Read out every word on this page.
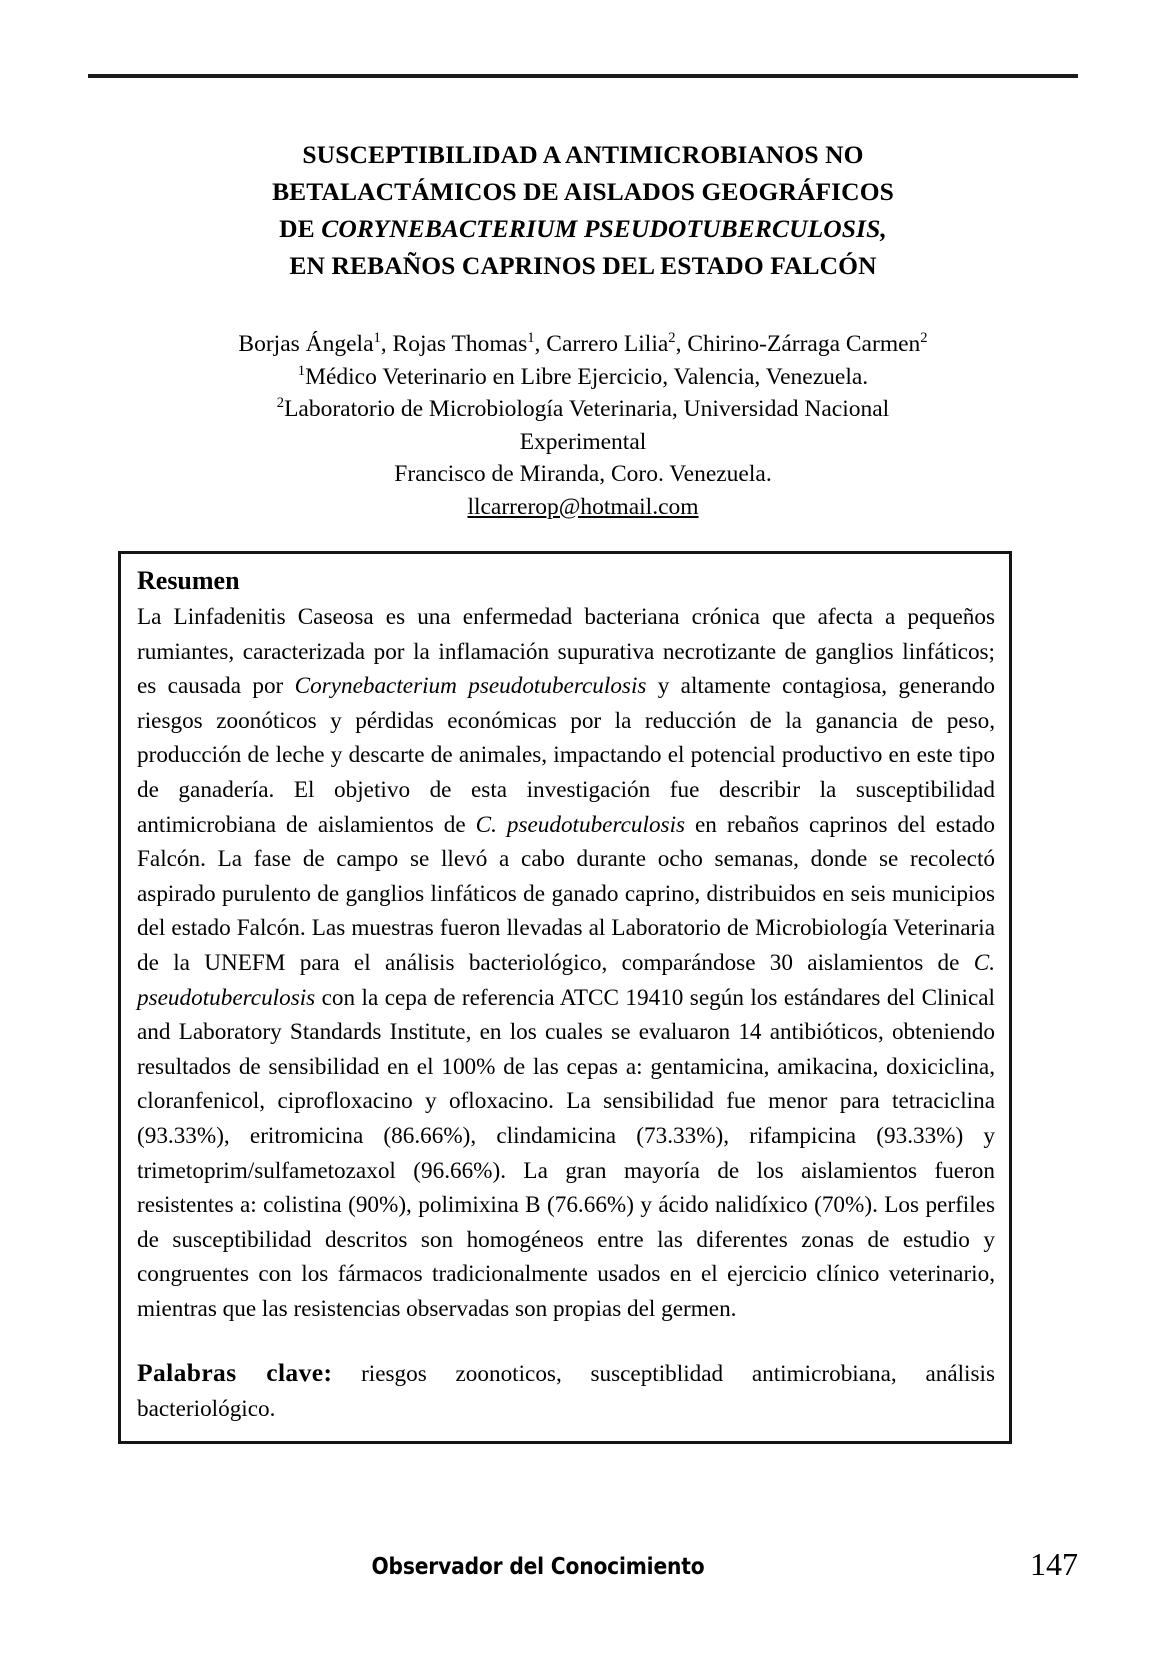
SUSCEPTIBILIDAD A ANTIMICROBIANOS NO
BETALACTÁMICOS DE AISLADOS GEOGRÁFICOS
DE CORYNEBACTERIUM PSEUDOTUBERCULOSIS,
EN REBAÑOS CAPRINOS DEL ESTADO FALCÓN
Borjas Ángela$^1$, Rojas Thomas$^1$, Carrero Lilia$^2$, Chirino-Zárraga Carmen$^2$
$^1$Médico Veterinario en Libre Ejercicio, Valencia, Venezuela.
$^2$Laboratorio de Microbiología Veterinaria, Universidad Nacional
Experimental
Francisco de Miranda, Coro. Venezuela.
llcarrerop@hotmail.com
Resumen

La Linfadenitis Caseosa es una enfermedad bacteriana crónica que afecta a pequeños rumiantes, caracterizada por la inflamación supurativa necrotizante de ganglios linfáticos; es causada por Corynebacterium pseudotuberculosis y altamente contagiosa, generando riesgos zoonóticos y pérdidas económicas por la reducción de la ganancia de peso, producción de leche y descarte de animales, impactando el potencial productivo en este tipo de ganadería. El objetivo de esta investigación fue describir la susceptibilidad antimicrobiana de aislamientos de C. pseudotuberculosis en rebaños caprinos del estado Falcón. La fase de campo se llevó a cabo durante ocho semanas, donde se recolectó aspirado purulento de ganglios linfáticos de ganado caprino, distribuidos en seis municipios del estado Falcón. Las muestras fueron llevadas al Laboratorio de Microbiología Veterinaria de la UNEFM para el análisis bacteriológico, comparándose 30 aislamientos de C. pseudotuberculosis con la cepa de referencia ATCC 19410 según los estándares del Clinical and Laboratory Standards Institute, en los cuales se evaluaron 14 antibióticos, obteniendo resultados de sensibilidad en el 100% de las cepas a: gentamicina, amikacina, doxiciclina, cloranfenicol, ciprofloxacino y ofloxacino. La sensibilidad fue menor para tetraciclina (93.33%), eritromicina (86.66%), clindamicina (73.33%), rifampicina (93.33%) y trimetoprim/sulfametozaxol (96.66%). La gran mayoría de los aislamientos fueron resistentes a: colistina (90%), polimixina B (76.66%) y ácido nalidíxico (70%). Los perfiles de susceptibilidad descritos son homogéneos entre las diferentes zonas de estudio y congruentes con los fármacos tradicionalmente usados en el ejercicio clínico veterinario, mientras que las resistencias observadas son propias del germen.

Palabras clave: riesgos zoonoticos, susceptiblidad antimicrobiana, análisis bacteriológico.

Observador del Conocimiento	147
